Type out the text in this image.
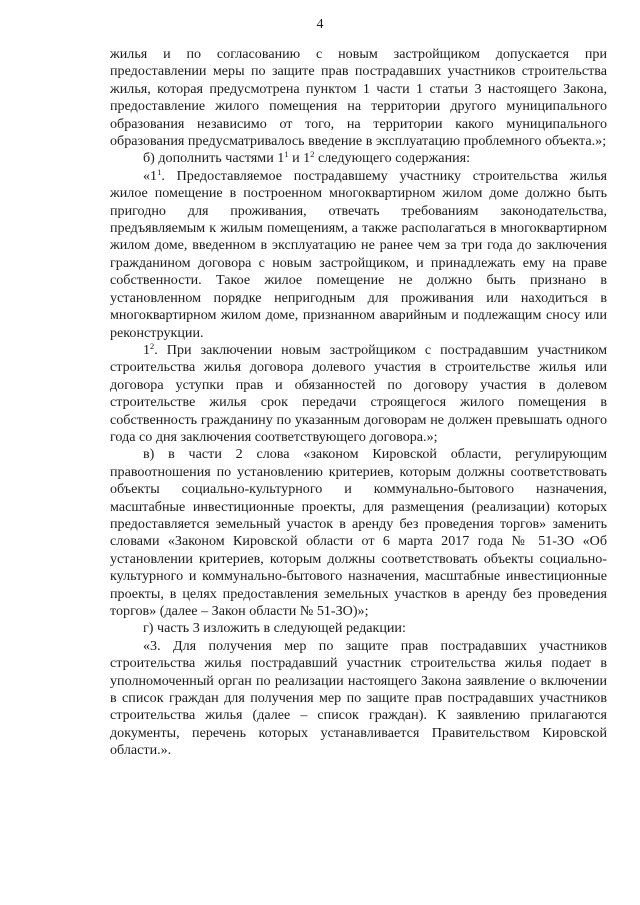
4

жилья и по согласованию с новым застройщиком допускается при предоставлении меры по защите прав пострадавших участников строительства жилья, которая предусмотрена пунктом 1 части 1 статьи 3 настоящего Закона, предоставление жилого помещения на территории другого муниципального образования независимо от того, на территории какого муниципального образования предусматривалось введение в эксплуатацию проблемного объекта.»;

б) дополнить частями $1^1$ и $1^2$ следующего содержания:

«$1^1$. Предоставляемое пострадавшему участнику строительства жилья жилое помещение в построенном многоквартирном жилом доме должно быть пригодно для проживания, отвечать требованиям законодательства, предъявляемым к жилым помещениям, а также располагаться в многоквартирном жилом доме, введенном в эксплуатацию не ранее чем за три года до заключения гражданином договора с новым застройщиком, и принадлежать ему на праве собственности. Такое жилое помещение не должно быть признано в установленном порядке непригодным для проживания или находиться в многоквартирном жилом доме, признанном аварийным и подлежащим сносу или реконструкции.

$1^2$. При заключении новым застройщиком с пострадавшим участником строительства жилья договора долевого участия в строительстве жилья или договора уступки прав и обязанностей по договору участия в долевом строительстве жилья срок передачи строящегося жилого помещения в собственность гражданину по указанным договорам не должен превышать одного года со дня заключения соответствующего договора.»;

в) в части 2 слова «законом Кировской области, регулирующим правоотношения по установлению критериев, которым должны соответствовать объекты социально-культурного и коммунально-бытового назначения, масштабные инвестиционные проекты, для размещения (реализации) которых предоставляется земельный участок в аренду без проведения торгов» заменить словами «Законом Кировской области от 6 марта 2017 года № 51-ЗО «Об установлении критериев, которым должны соответствовать объекты социально-культурного и коммунально-бытового назначения, масштабные инвестиционные проекты, в целях предоставления земельных участков в аренду без проведения торгов» (далее – Закон области № 51-ЗО)»;

г) часть 3 изложить в следующей редакции:

«3. Для получения мер по защите прав пострадавших участников строительства жилья пострадавший участник строительства жилья подает в уполномоченный орган по реализации настоящего Закона заявление о включении в список граждан для получения мер по защите прав пострадавших участников строительства жилья (далее – список граждан). К заявлению прилагаются документы, перечень которых устанавливается Правительством Кировской области.».
